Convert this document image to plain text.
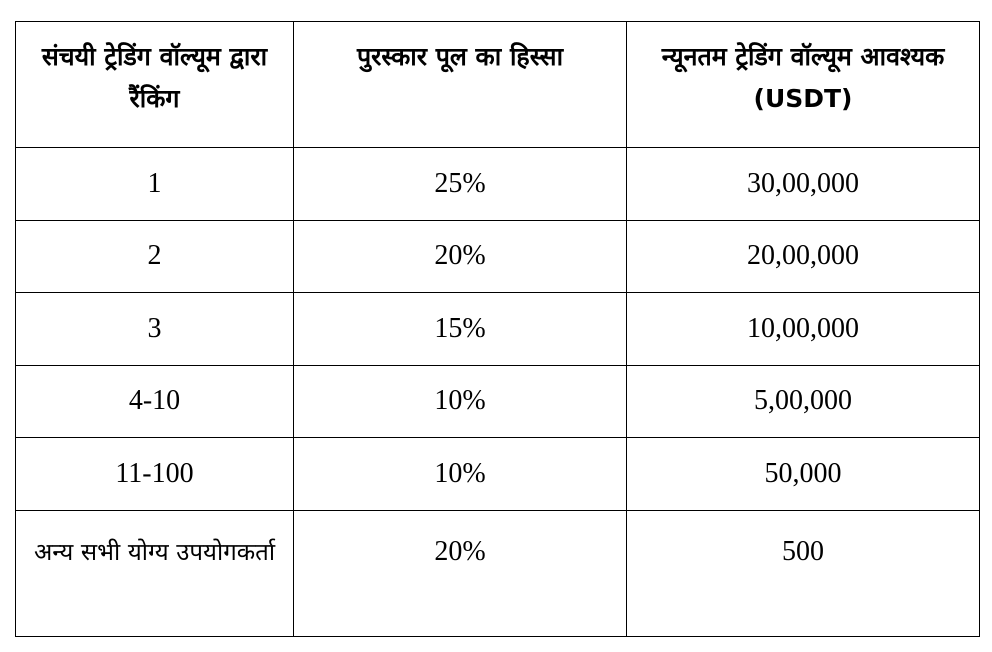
संचयी ट्रेडिंग वॉल्यूम द्वारा रैंकिंग	पुरस्कार पूल का हिस्सा	न्यूनतम ट्रेडिंग वॉल्यूम आवश्यक (USDT)
1	25%	30,00,000
2	20%	20,00,000
3	15%	10,00,000
4-10	10%	5,00,000
11-100	10%	50,000
अन्य सभी योग्य उपयोगकर्ता	20%	500
